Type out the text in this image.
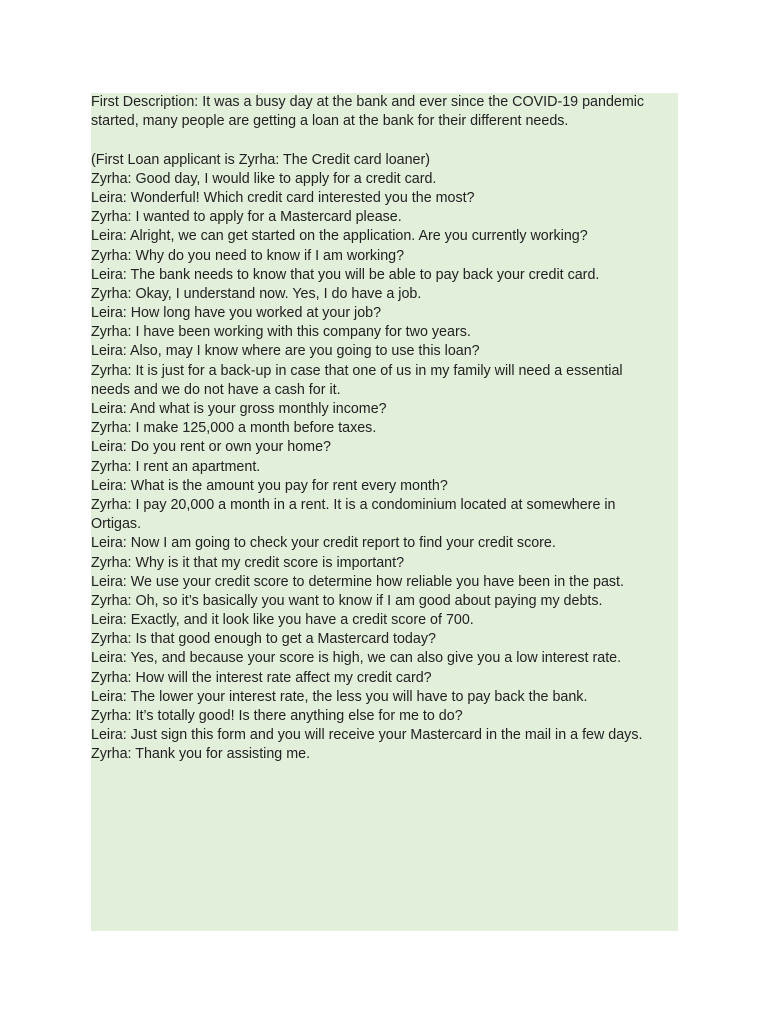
First Description: It was a busy day at the bank and ever since the COVID-19 pandemic
started, many people are getting a loan at the bank for their different needs.
(First Loan applicant is Zyrha: The Credit card loaner)
Zyrha: Good day, I would like to apply for a credit card.
Leira: Wonderful! Which credit card interested you the most?
Zyrha: I wanted to apply for a Mastercard please.
Leira: Alright, we can get started on the application. Are you currently working?
Zyrha: Why do you need to know if I am working?
Leira: The bank needs to know that you will be able to pay back your credit card.
Zyrha: Okay, I understand now. Yes, I do have a job.
Leira: How long have you worked at your job?
Zyrha: I have been working with this company for two years.
Leira: Also, may I know where are you going to use this loan?
Zyrha: It is just for a back-up in case that one of us in my family will need a essential
needs and we do not have a cash for it.
Leira: And what is your gross monthly income?
Zyrha: I make 125,000 a month before taxes.
Leira: Do you rent or own your home?
Zyrha: I rent an apartment.
Leira: What is the amount you pay for rent every month?
Zyrha: I pay 20,000 a month in a rent. It is a condominium located at somewhere in
Ortigas.
Leira: Now I am going to check your credit report to find your credit score.
Zyrha: Why is it that my credit score is important?
Leira: We use your credit score to determine how reliable you have been in the past.
Zyrha: Oh, so it’s basically you want to know if I am good about paying my debts.
Leira: Exactly, and it look like you have a credit score of 700.
Zyrha: Is that good enough to get a Mastercard today?
Leira: Yes, and because your score is high, we can also give you a low interest rate.
Zyrha: How will the interest rate affect my credit card?
Leira: The lower your interest rate, the less you will have to pay back the bank.
Zyrha: It’s totally good! Is there anything else for me to do?
Leira: Just sign this form and you will receive your Mastercard in the mail in a few days.
Zyrha: Thank you for assisting me.
